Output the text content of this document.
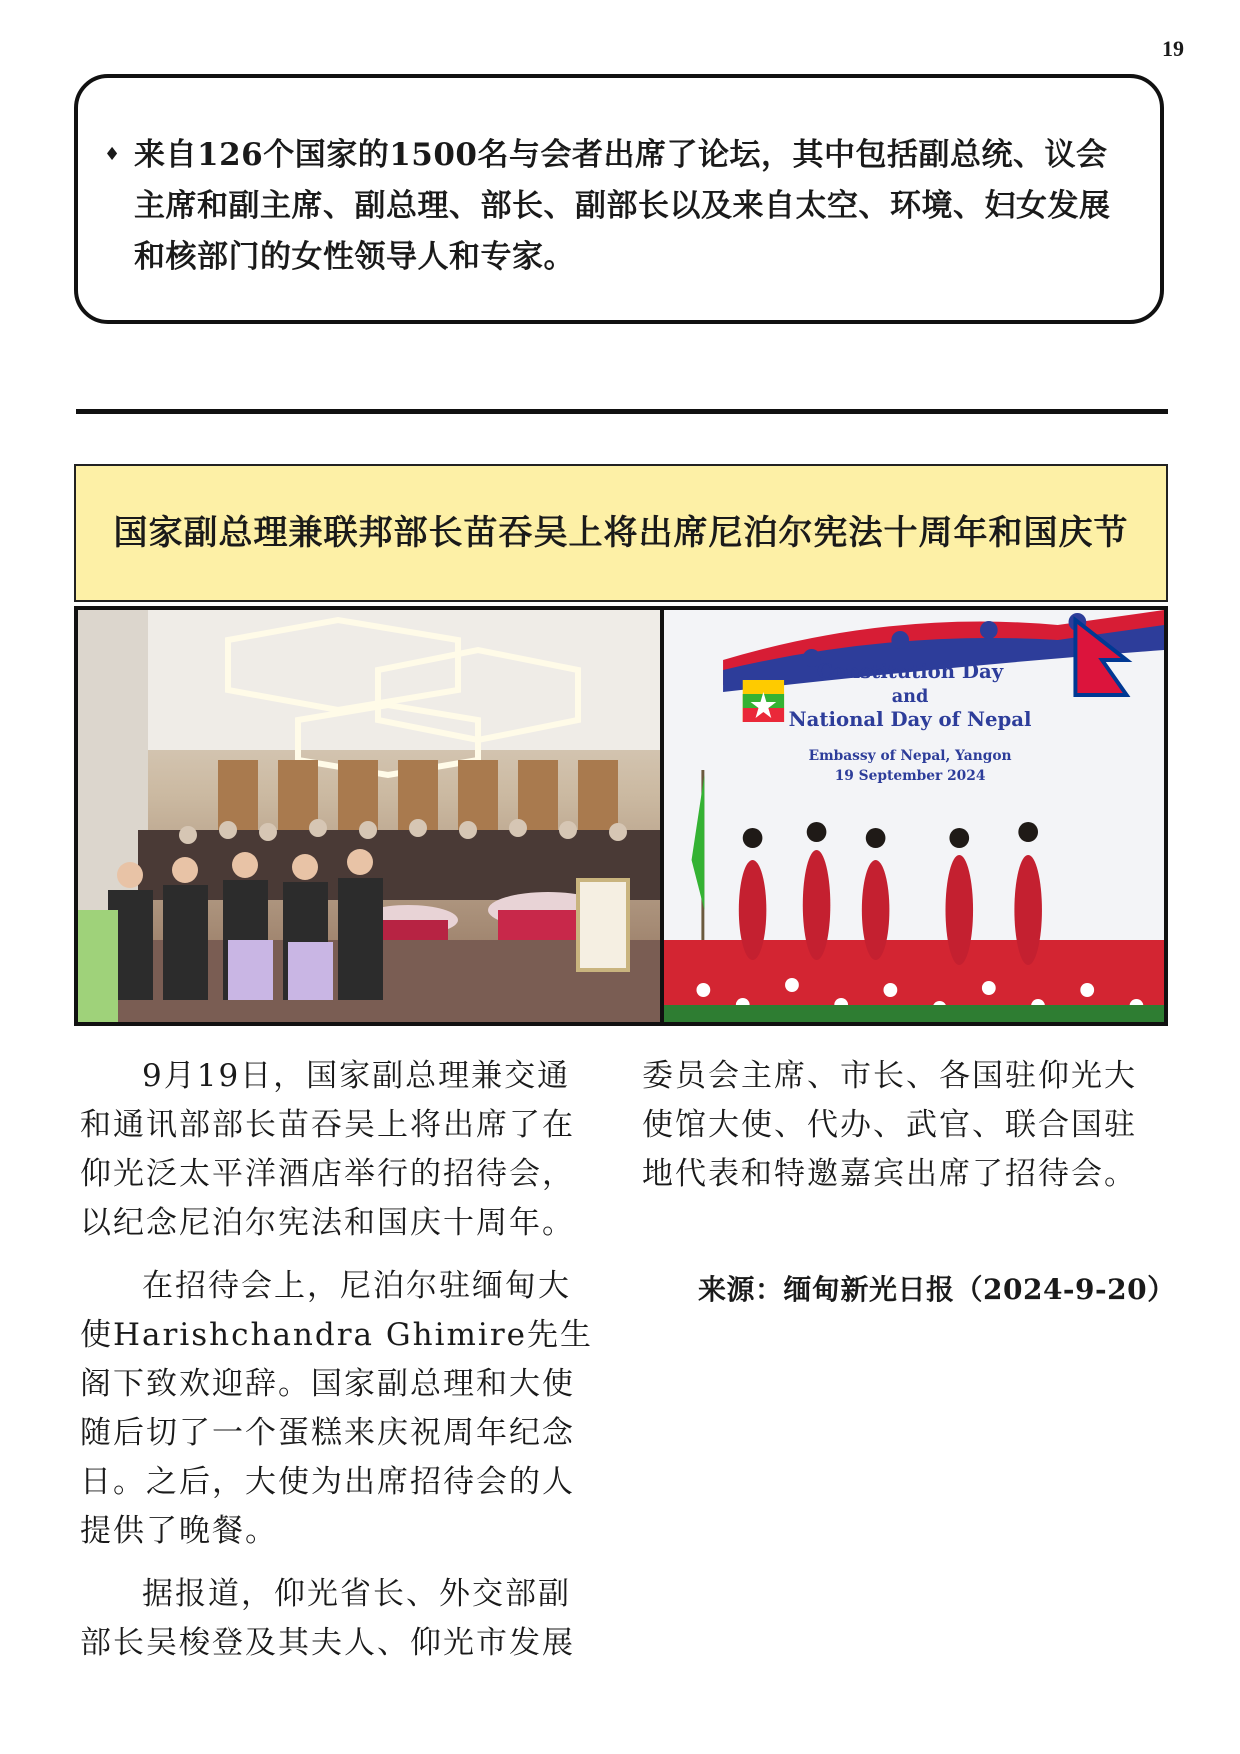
19
♦ 来自126个国家的1500名与会者出席了论坛，其中包括副总统、议会主席和副主席、副总理、部长、副部长以及来自太空、环境、妇女发展和核部门的女性领导人和专家。
国家副总理兼联邦部长苗吞吴上将出席尼泊尔宪法十周年和国庆节
Constitution Day
and
National Day of Nepal
Embassy of Nepal, Yangon
19 September 2024

9月19日，国家副总理兼交通和通讯部部长苗吞吴上将出席了在仰光泛太平洋酒店举行的招待会，以纪念尼泊尔宪法和国庆十周年。

在招待会上，尼泊尔驻缅甸大使Harishchandra Ghimire先生阁下致欢迎辞。国家副总理和大使随后切了一个蛋糕来庆祝周年纪念日。之后，大使为出席招待会的人提供了晚餐。

据报道，仰光省长、外交部副部长吴梭登及其夫人、仰光市发展

委员会主席、市长、各国驻仰光大使馆大使、代办、武官、联合国驻地代表和特邀嘉宾出席了招待会。

来源：缅甸新光日报（2024-9-20）
